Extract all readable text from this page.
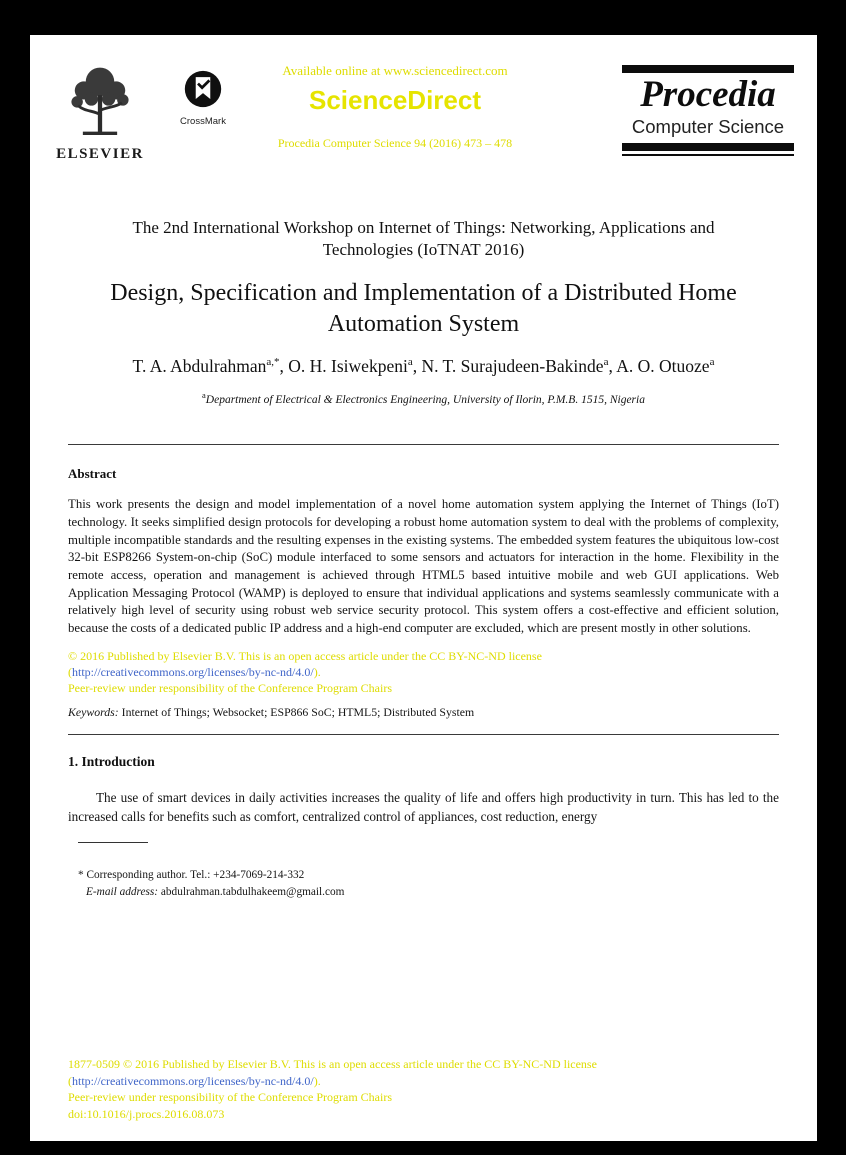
ELSEVIER
CrossMark
Available online at www.sciencedirect.com
ScienceDirect
Procedia Computer Science 94 (2016) 473 – 478
Procedia
Computer Science
The 2nd International Workshop on Internet of Things: Networking, Applications and Technologies (IoTNAT 2016)
Design, Specification and Implementation of a Distributed Home Automation System
T. A. Abdulrahman$^{a,*}$, O. H. Isiwekpeni$^a$, N. T. Surajudeen-Bakinde$^a$, A. O. Otuoze$^a$
$^a$Department of Electrical & Electronics Engineering, University of Ilorin, P.M.B. 1515, Nigeria
Abstract
This work presents the design and model implementation of a novel home automation system applying the Internet of Things (IoT) technology. It seeks simplified design protocols for developing a robust home automation system to deal with the problems of complexity, multiple incompatible standards and the resulting expenses in the existing systems. The embedded system features the ubiquitous low-cost 32-bit ESP8266 System-on-chip (SoC) module interfaced to some sensors and actuators for interaction in the home. Flexibility in the remote access, operation and management is achieved through HTML5 based intuitive mobile and web GUI applications. Web Application Messaging Protocol (WAMP) is deployed to ensure that individual applications and systems seamlessly communicate with a relatively high level of security using robust web service security protocol. This system offers a cost-effective and efficient solution, because the costs of a dedicated public IP address and a high-end computer are excluded, which are present mostly in other solutions.
© 2016 Published by Elsevier B.V. This is an open access article under the CC BY-NC-ND license
(http://creativecommons.org/licenses/by-nc-nd/4.0/).
Peer-review under responsibility of the Conference Program Chairs
Keywords: Internet of Things; Websocket; ESP866 SoC; HTML5; Distributed System
1. Introduction
The use of smart devices in daily activities increases the quality of life and offers high productivity in turn. This has led to the increased calls for benefits such as comfort, centralized control of appliances, cost reduction, energy
* Corresponding author. Tel.: +234-7069-214-332
E-mail address: abdulrahman.tabdulhakeem@gmail.com
1877-0509 © 2016 Published by Elsevier B.V. This is an open access article under the CC BY-NC-ND license
(http://creativecommons.org/licenses/by-nc-nd/4.0/).
Peer-review under responsibility of the Conference Program Chairs
doi:10.1016/j.procs.2016.08.073
